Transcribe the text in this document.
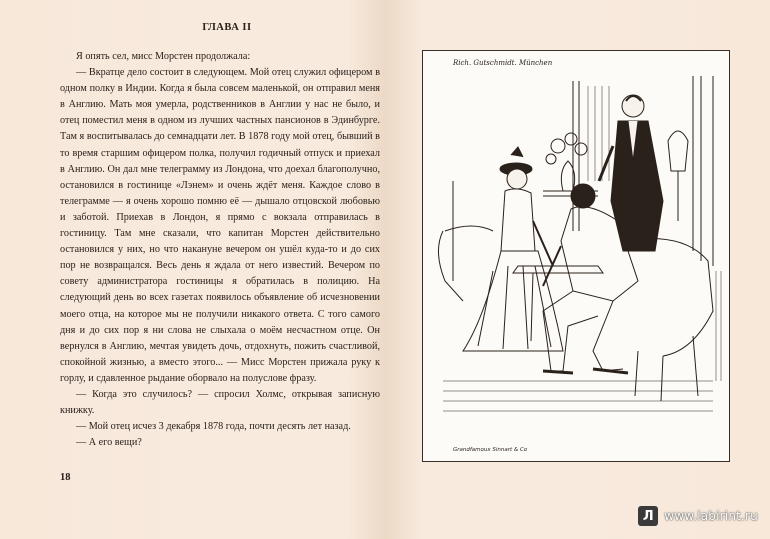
ГЛАВА II

Я опять сел, мисс Морстен продолжала:

— Вкратце дело состоит в следующем. Мой отец служил офицером в одном полку в Индии. Когда я была совсем маленькой, он отправил меня в Англию. Мать моя умерла, родственников в Англии у нас не было, и отец поместил меня в одном из лучших частных пансионов в Эдинбурге. Там я воспитывалась до семнадцати лет. В 1878 году мой отец, бывший в то время старшим офицером полка, получил годичный отпуск и приехал в Англию. Он дал мне телеграмму из Лондона, что доехал благополучно, остановился в гостинице «Лэнем» и очень ждёт меня. Каждое слово в телеграмме — я очень хорошо помню её — дышало отцовской любовью и заботой. Приехав в Лондон, я прямо с вокзала отправилась в гостиницу. Там мне сказали, что капитан Морстен действительно остановился у них, но что накануне вечером он ушёл куда-то и до сих пор не возвращался. Весь день я ждала от него известий. Вечером по совету администратора гостиницы я обратилась в полицию. На следующий день во всех газетах появилось объявление об исчезновении моего отца, на которое мы не получили никакого ответа. С того самого дня и до сих пор я ни слова не слыхала о моём несчастном отце. Он вернулся в Англию, мечтая увидеть дочь, отдохнуть, пожить счастливой, спокойной жизнью, а вместо этого... — Мисс Морстен прижала руку к горлу, и сдавленное рыдание оборвало на полуслове фразу.

— Когда это случилось? — спросил Холмс, открывая записную книжку.

— Мой отец исчез 3 декабря 1878 года, почти десять лет назад.

— А его вещи?

18
Rich. Gutschmidt. München
Grandfamoux Sinnart & Co
Л www.labirint.ru
